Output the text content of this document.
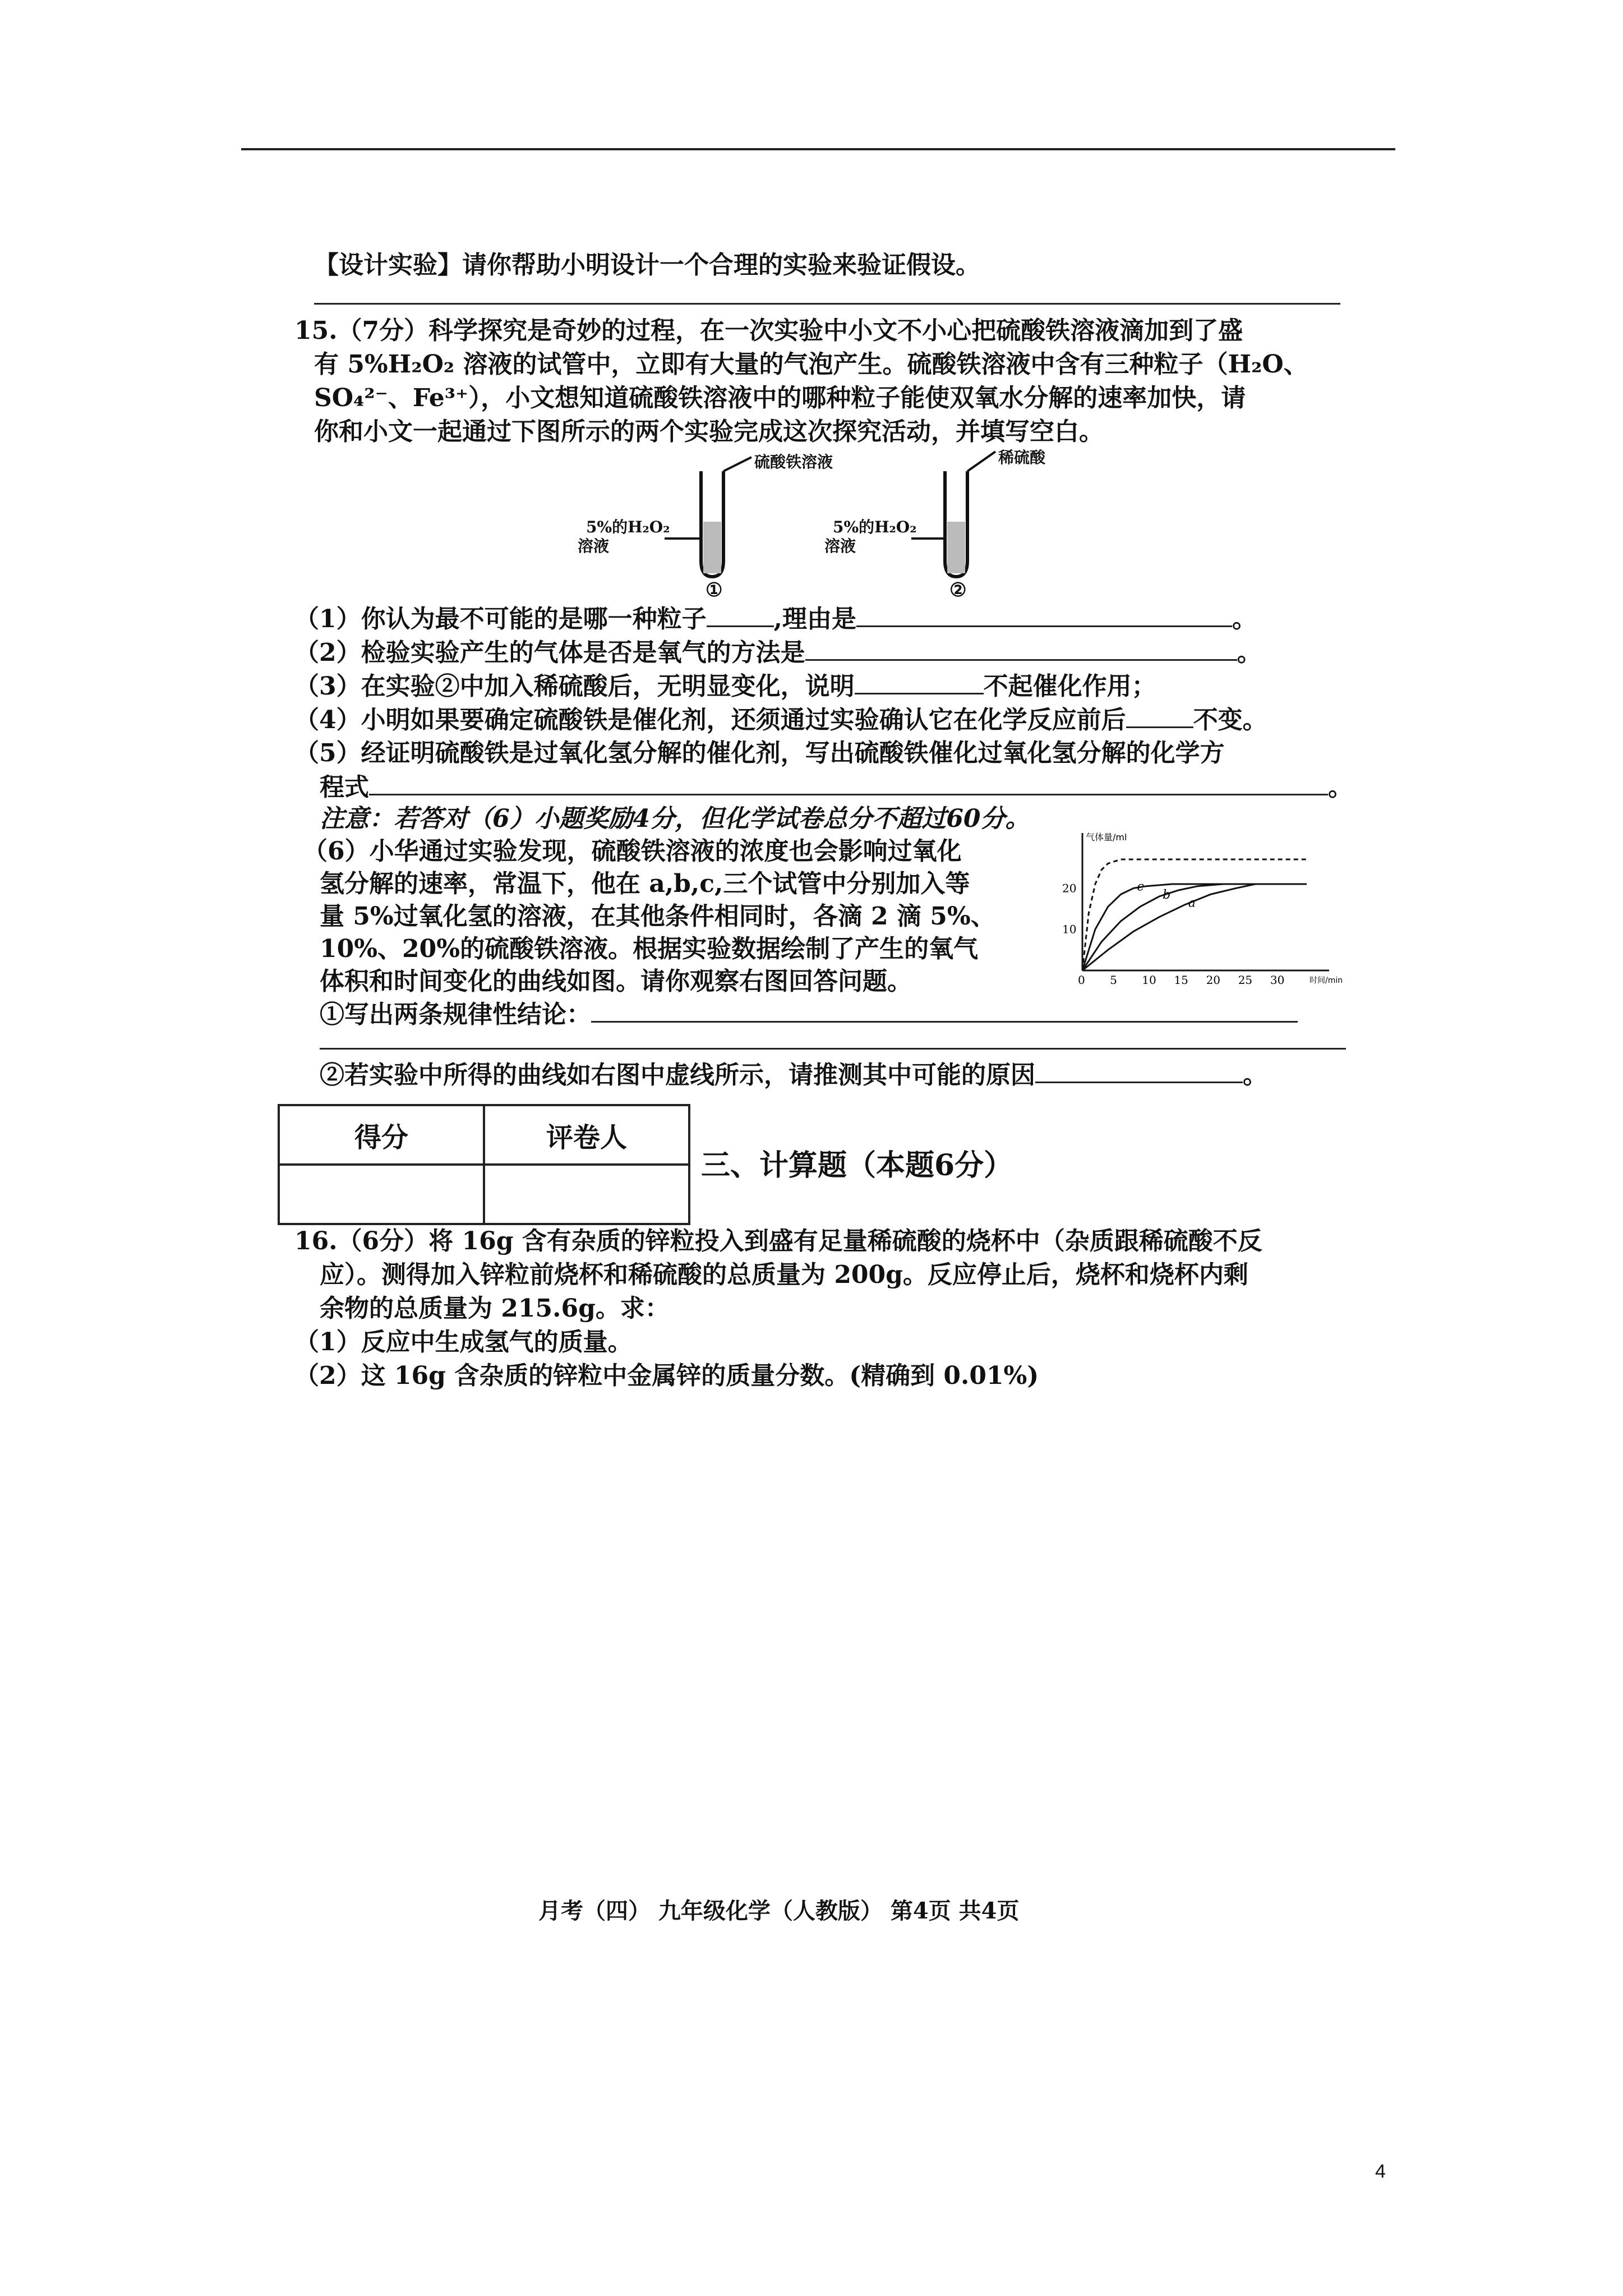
【设计实验】请你帮助小明设计一个合理的实验来验证假设。
15.（7分）科学探究是奇妙的过程，在一次实验中小文不小心把硫酸铁溶液滴加到了盛
有 5%H₂O₂ 溶液的试管中，立即有大量的气泡产生。硫酸铁溶液中含有三种粒子（H₂O、
SO₄²⁻、Fe³⁺），小文想知道硫酸铁溶液中的哪种粒子能使双氧水分解的速率加快，请
你和小文一起通过下图所示的两个实验完成这次探究活动，并填写空白。
硫酸铁溶液
5%的H₂O₂
溶液
①
稀硫酸
5%的H₂O₂
溶液
②
（1）你认为最不可能的是哪一种粒子	,理由是	。
（2）检验实验产生的气体是否是氧气的方法是	。
（3）在实验②中加入稀硫酸后，无明显变化，说明	不起催化作用；
（4）小明如果要确定硫酸铁是催化剂，还须通过实验确认它在化学反应前后	不变。
（5）经证明硫酸铁是过氧化氢分解的催化剂，写出硫酸铁催化过氧化氢分解的化学方
程式	。
注意：若答对（6）小题奖励4分，但化学试卷总分不超过60分。
（6）小华通过实验发现，硫酸铁溶液的浓度也会影响过氧化
氢分解的速率，常温下，他在 a,b,c,三个试管中分别加入等
量 5%过氧化氢的溶液，在其他条件相同时，各滴 2 滴 5%、
10%、20%的硫酸铁溶液。根据实验数据绘制了产生的氧气
体积和时间变化的曲线如图。请你观察右图回答问题。
气体量/ml
时间/min
0 5 10 15 20 25 30
10
20	c
b
a
①写出两条规律性结论：
②若实验中所得的曲线如右图中虚线所示，请推测其中可能的原因	。
得分	评卷人

三、计算题（本题6分）
16.（6分）将 16g 含有杂质的锌粒投入到盛有足量稀硫酸的烧杯中（杂质跟稀硫酸不反
应）。测得加入锌粒前烧杯和稀硫酸的总质量为 200g。反应停止后，烧杯和烧杯内剩
余物的总质量为 215.6g。求：
（1）反应中生成氢气的质量。
（2）这 16g 含杂质的锌粒中金属锌的质量分数。(精确到 0.01%)
月考（四） 九年级化学（人教版） 第4页 共4页
4
